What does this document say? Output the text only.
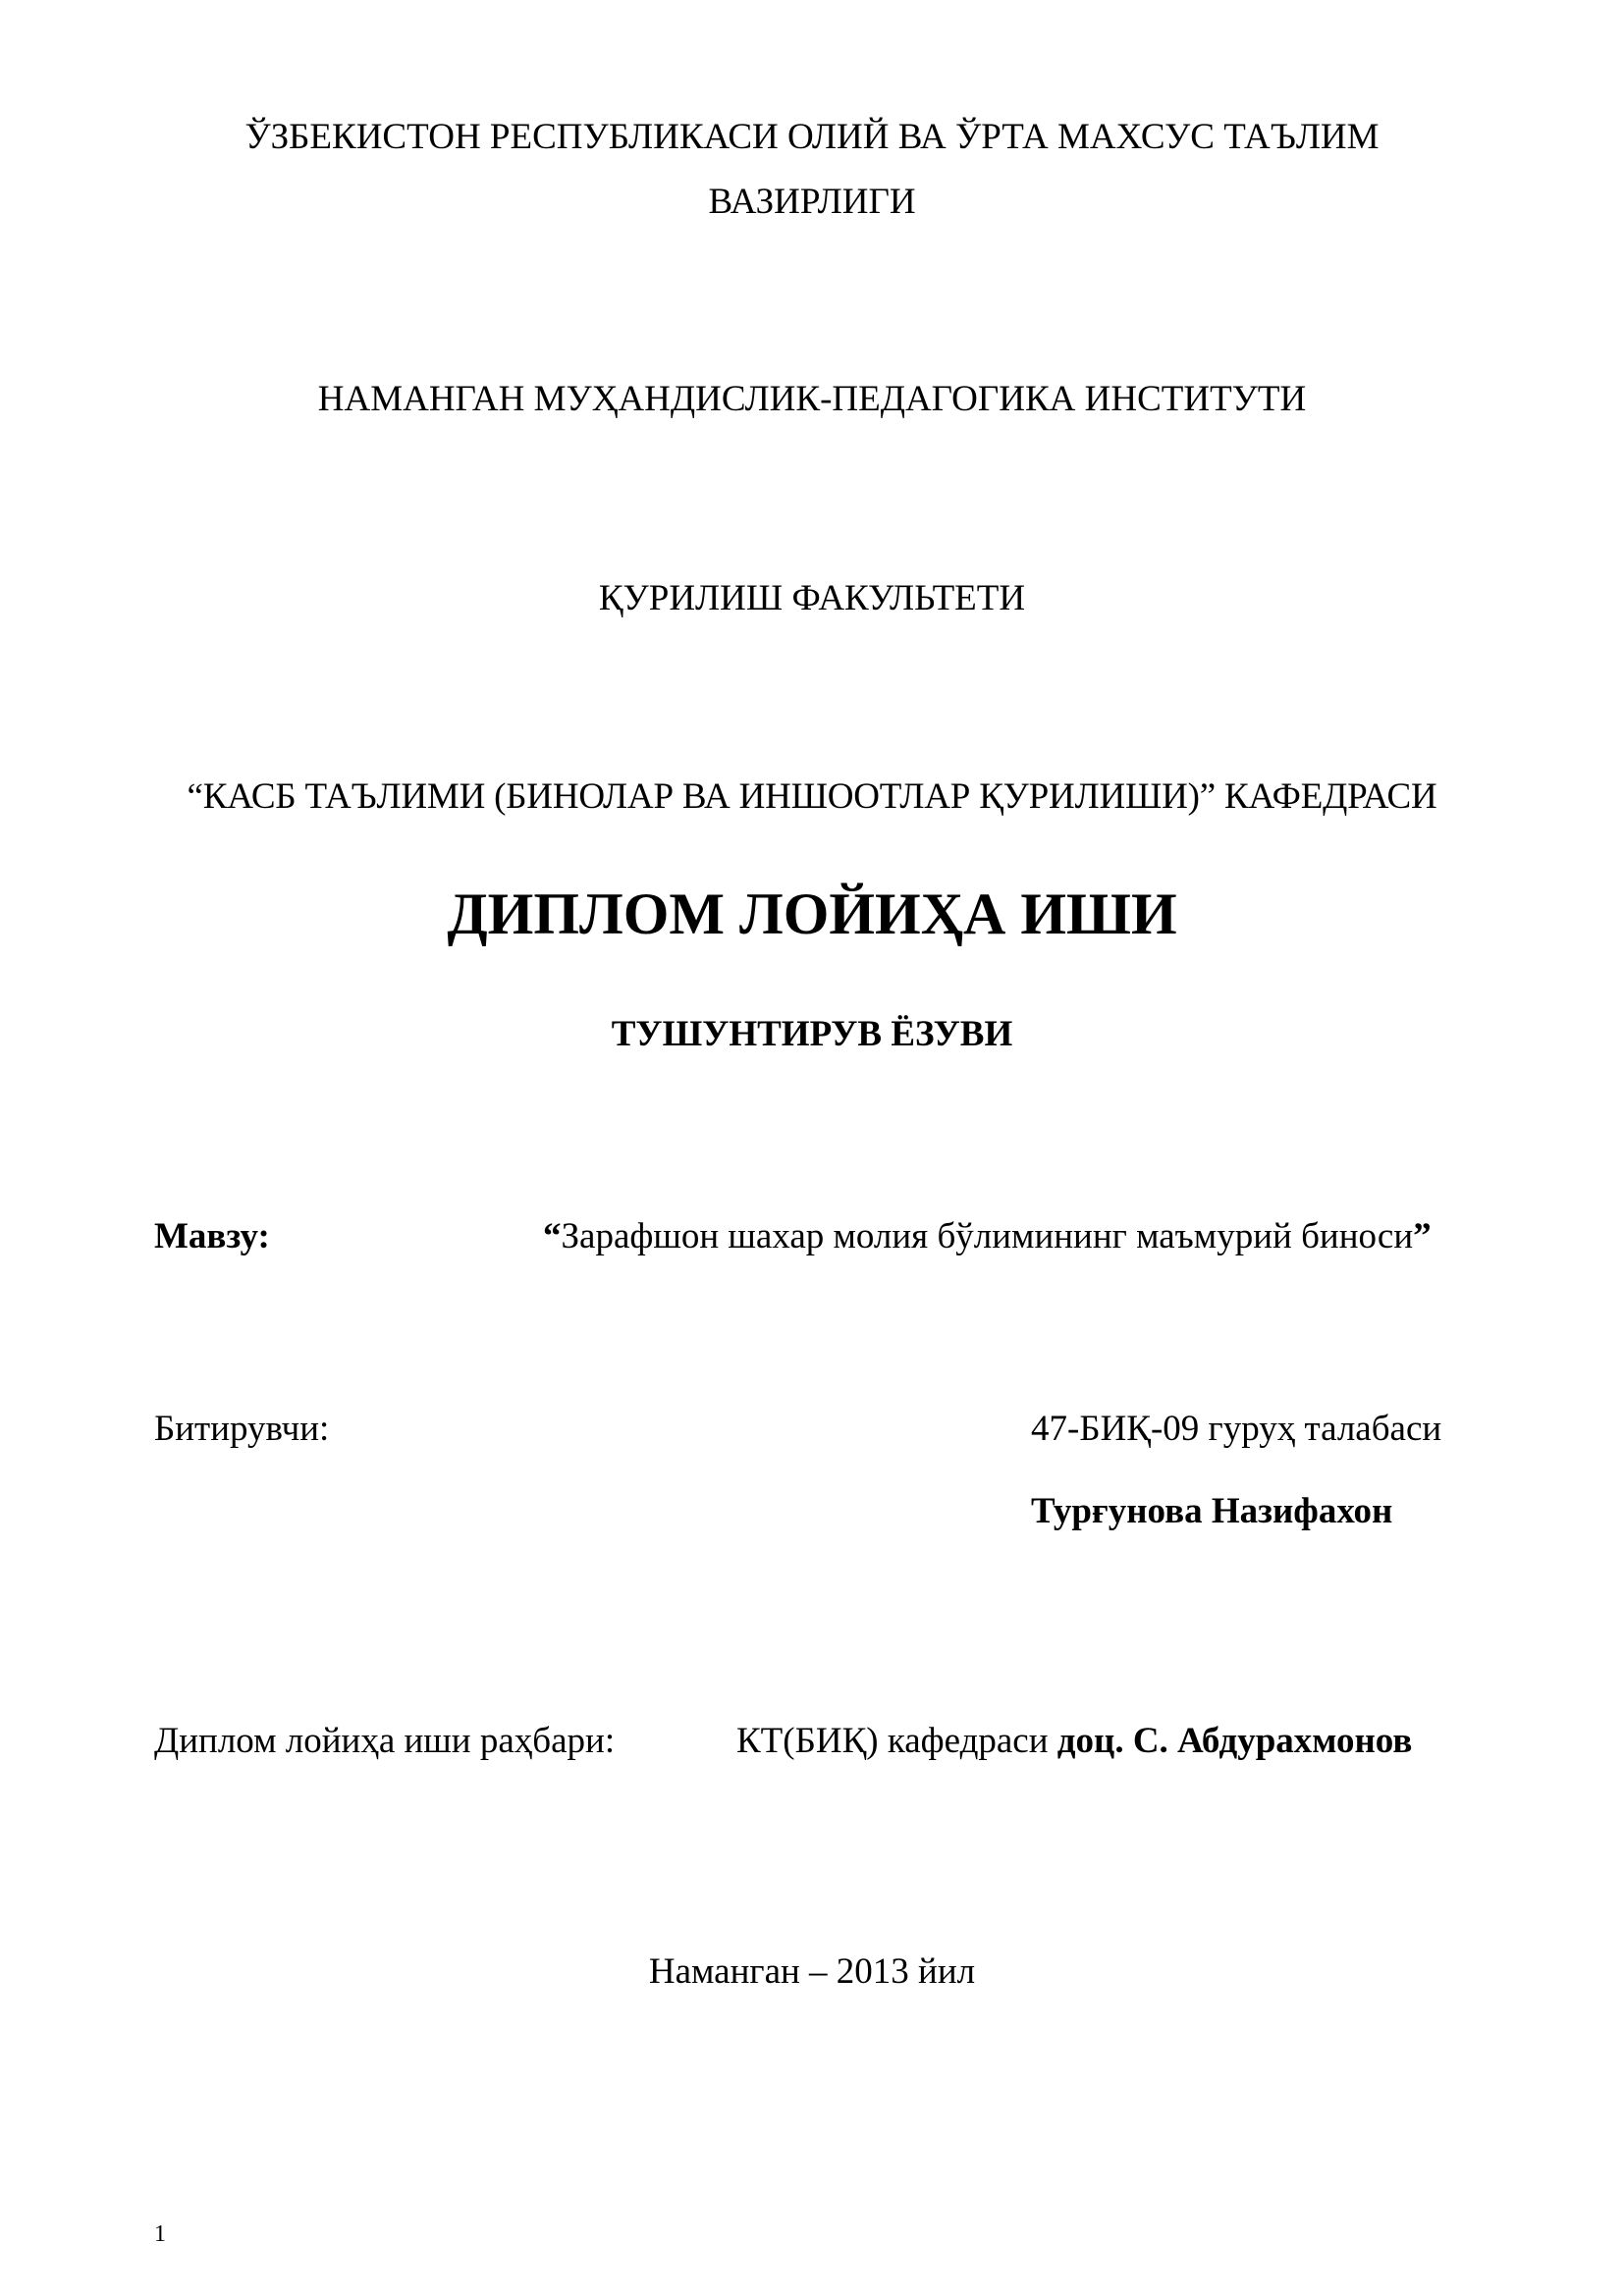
ЎЗБЕКИСТОН РЕСПУБЛИКАСИ ОЛИЙ ВА ЎРТА МАХСУС ТАЪЛИМ
ВАЗИРЛИГИ
НАМАНГАН МУҲАНДИСЛИК-ПЕДАГОГИКА ИНСТИТУТИ
ҚУРИЛИШ ФАКУЛЬТЕТИ
“КАСБ ТАЪЛИМИ (БИНОЛАР ВА ИНШООТЛАР ҚУРИЛИШИ)” КАФЕДРАСИ
ДИПЛОМ ЛОЙИҲА ИШИ
ТУШУНТИРУВ ЁЗУВИ
Мавзу:	“Зарафшон шахар молия бўлимининг маъмурий биноси”
Битирувчи:	47-БИҚ-09 гуруҳ талабаси
Турғунова Назифахон
Диплом лойиҳа иши раҳбари:	КТ(БИҚ) кафедраси доц. С. Абдурахмонов
Наманган – 2013 йил
1
